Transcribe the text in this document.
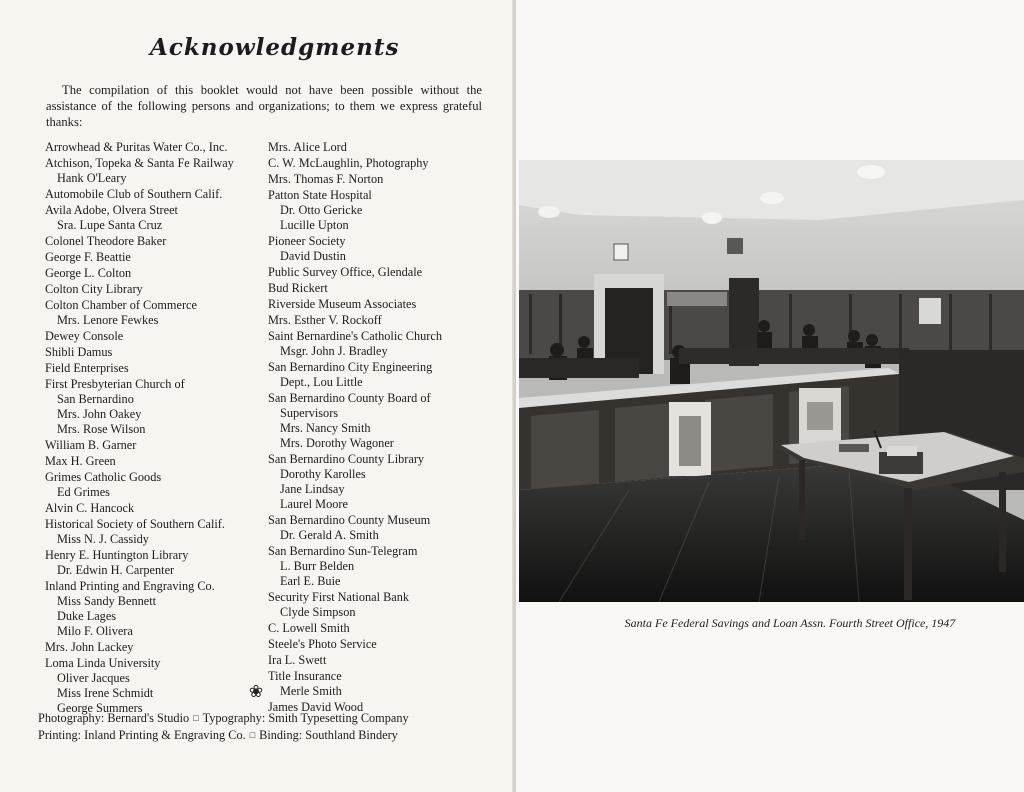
Acknowledgments
The compilation of this booklet would not have been possible without the assistance of the following persons and organizations; to them we express grateful thanks:
Arrowhead & Puritas Water Co., Inc.
Atchison, Topeka & Santa Fe Railway
Hank O'Leary
Automobile Club of Southern Calif.
Avila Adobe, Olvera Street
Sra. Lupe Santa Cruz
Colonel Theodore Baker
George F. Beattie
George L. Colton
Colton City Library
Colton Chamber of Commerce
Mrs. Lenore Fewkes
Dewey Console
Shibli Damus
Field Enterprises
First Presbyterian Church of
San Bernardino
Mrs. John Oakey
Mrs. Rose Wilson
William B. Garner
Max H. Green
Grimes Catholic Goods
Ed Grimes
Alvin C. Hancock
Historical Society of Southern Calif.
Miss N. J. Cassidy
Henry E. Huntington Library
Dr. Edwin H. Carpenter
Inland Printing and Engraving Co.
Miss Sandy Bennett
Duke Lages
Milo F. Olivera
Mrs. John Lackey
Loma Linda University
Oliver Jacques
Miss Irene Schmidt
George Summers
Mrs. Alice Lord
C. W. McLaughlin, Photography
Mrs. Thomas F. Norton
Patton State Hospital
Dr. Otto Gericke
Lucille Upton
Pioneer Society
David Dustin
Public Survey Office, Glendale
Bud Rickert
Riverside Museum Associates
Mrs. Esther V. Rockoff
Saint Bernardine's Catholic Church
Msgr. John J. Bradley
San Bernardino City Engineering
Dept., Lou Little
San Bernardino County Board of
Supervisors
Mrs. Nancy Smith
Mrs. Dorothy Wagoner
San Bernardino County Library
Dorothy Karolles
Jane Lindsay
Laurel Moore
San Bernardino County Museum
Dr. Gerald A. Smith
San Bernardino Sun-Telegram
L. Burr Belden
Earl E. Buie
Security First National Bank
Clyde Simpson
C. Lowell Smith
Steele's Photo Service
Ira L. Swett
Title Insurance
Merle Smith
James David Wood
❀
Photography: Bernard's Studio □ Typography: Smith Typesetting Company
Printing: Inland Printing & Engraving Co. □ Binding: Southland Bindery
Santa Fe Federal Savings and Loan Assn. Fourth Street Office, 1947
